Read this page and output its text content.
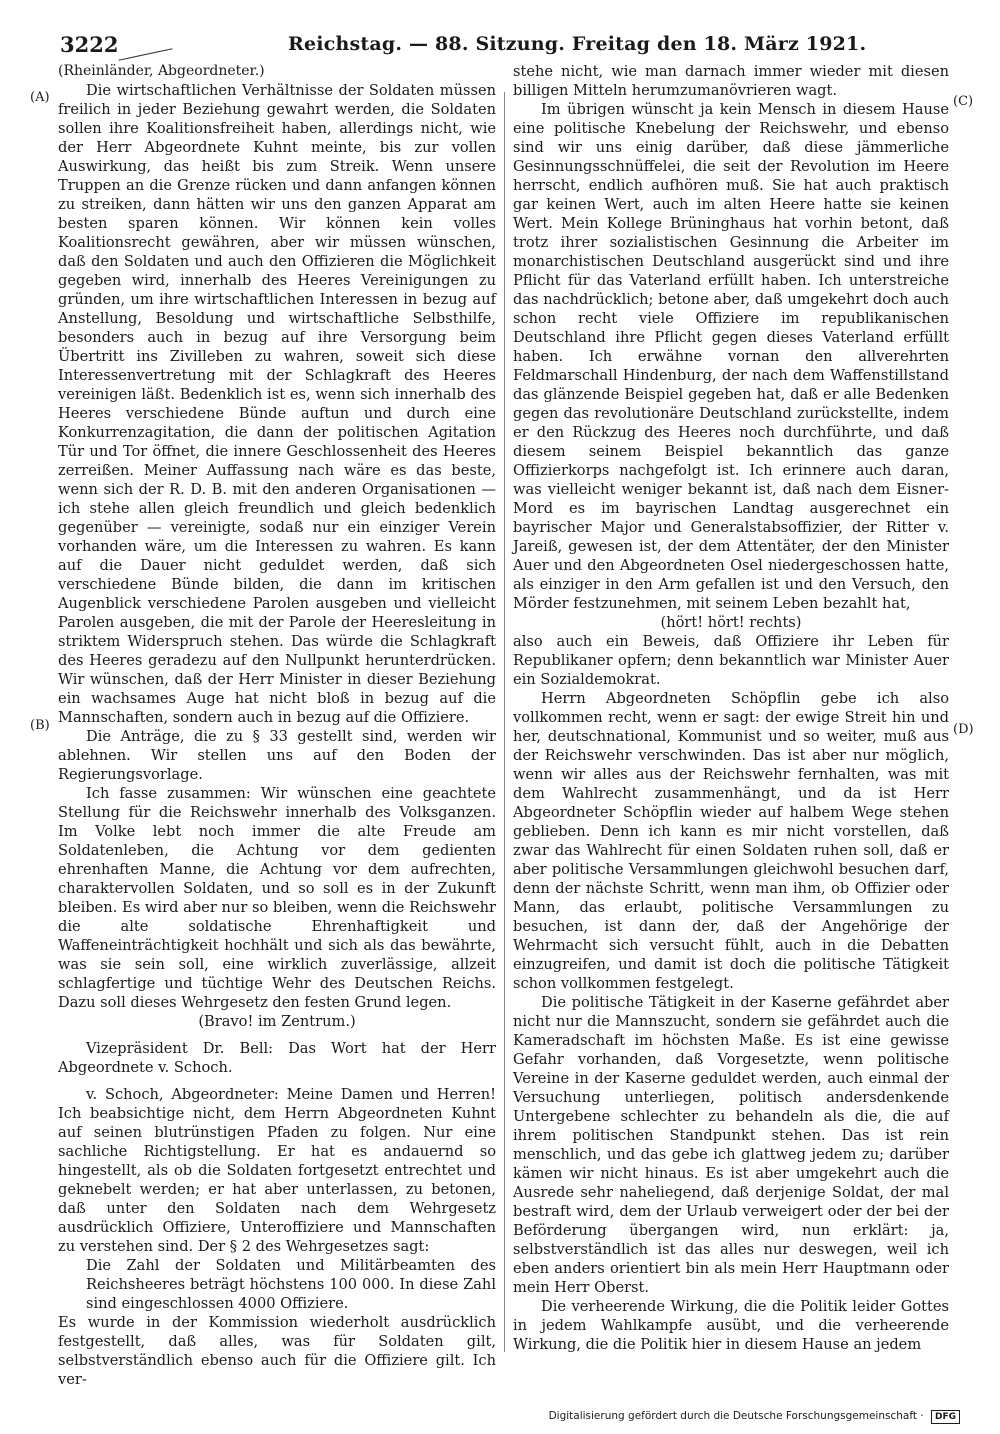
3222	Reichstag. — 88. Sitzung. Freitag den 18. März 1921.
(A)
(B)
(C)
(D)

(Rheinländer, Abgeordneter.)

Die wirtschaftlichen Verhältnisse der Soldaten müssen freilich in jeder Beziehung gewahrt werden, die Soldaten sollen ihre Koalitionsfreiheit haben, allerdings nicht, wie der Herr Abgeordnete Kuhnt meinte, bis zur vollen Auswirkung, das heißt bis zum Streik. Wenn unsere Truppen an die Grenze rücken und dann anfangen können zu streiken, dann hätten wir uns den ganzen Apparat am besten sparen können. Wir können kein volles Koalitionsrecht gewähren, aber wir müssen wünschen, daß den Soldaten und auch den Offizieren die Möglichkeit gegeben wird, innerhalb des Heeres Vereinigungen zu gründen, um ihre wirtschaftlichen Interessen in bezug auf Anstellung, Besoldung und wirtschaftliche Selbsthilfe, besonders auch in bezug auf ihre Versorgung beim Übertritt ins Zivilleben zu wahren, soweit sich diese Interessenvertretung mit der Schlagkraft des Heeres vereinigen läßt. Bedenklich ist es, wenn sich innerhalb des Heeres verschiedene Bünde auftun und durch eine Konkurrenzagitation, die dann der politischen Agitation Tür und Tor öffnet, die innere Geschlossenheit des Heeres zerreißen. Meiner Auffassung nach wäre es das beste, wenn sich der R. D. B. mit den anderen Organisationen — ich stehe allen gleich freundlich und gleich bedenklich gegenüber — vereinigte, sodaß nur ein einziger Verein vorhanden wäre, um die Interessen zu wahren. Es kann auf die Dauer nicht geduldet werden, daß sich verschiedene Bünde bilden, die dann im kritischen Augenblick verschiedene Parolen ausgeben und vielleicht Parolen ausgeben, die mit der Parole der Heeresleitung in striktem Widerspruch stehen. Das würde die Schlagkraft des Heeres geradezu auf den Nullpunkt herunterdrücken. Wir wünschen, daß der Herr Minister in dieser Beziehung ein wachsames Auge hat nicht bloß in bezug auf die Mannschaften, sondern auch in bezug auf die Offiziere.

Die Anträge, die zu § 33 gestellt sind, werden wir ablehnen. Wir stellen uns auf den Boden der Regierungsvorlage.

Ich fasse zusammen: Wir wünschen eine geachtete Stellung für die Reichswehr innerhalb des Volksganzen. Im Volke lebt noch immer die alte Freude am Soldatenleben, die Achtung vor dem gedienten ehrenhaften Manne, die Achtung vor dem aufrechten, charaktervollen Soldaten, und so soll es in der Zukunft bleiben. Es wird aber nur so bleiben, wenn die Reichswehr die alte soldatische Ehrenhaftigkeit und Waffeneinträchtigkeit hochhält und sich als das bewährte, was sie sein soll, eine wirklich zuverlässige, allzeit schlagfertige und tüchtige Wehr des Deutschen Reichs. Dazu soll dieses Wehrgesetz den festen Grund legen.

(Bravo! im Zentrum.)

Vizepräsident Dr. Bell: Das Wort hat der Herr Abgeordnete v. Schoch.

v. Schoch, Abgeordneter: Meine Damen und Herren! Ich beabsichtige nicht, dem Herrn Abgeordneten Kuhnt auf seinen blutrünstigen Pfaden zu folgen. Nur eine sachliche Richtigstellung. Er hat es andauernd so hingestellt, als ob die Soldaten fortgesetzt entrechtet und geknebelt werden; er hat aber unterlassen, zu betonen, daß unter den Soldaten nach dem Wehrgesetz ausdrücklich Offiziere, Unteroffiziere und Mannschaften zu verstehen sind. Der § 2 des Wehrgesetzes sagt:

Die Zahl der Soldaten und Militärbeamten des Reichsheeres beträgt höchstens 100 000. In diese Zahl sind eingeschlossen 4000 Offiziere.

Es wurde in der Kommission wiederholt ausdrücklich festgestellt, daß alles, was für Soldaten gilt, selbstverständlich ebenso auch für die Offiziere gilt. Ich ver-

stehe nicht, wie man darnach immer wieder mit diesen billigen Mitteln herumzumanövrieren wagt.

Im übrigen wünscht ja kein Mensch in diesem Hause eine politische Knebelung der Reichswehr, und ebenso sind wir uns einig darüber, daß diese jämmerliche Gesinnungsschnüffelei, die seit der Revolution im Heere herrscht, endlich aufhören muß. Sie hat auch praktisch gar keinen Wert, auch im alten Heere hatte sie keinen Wert. Mein Kollege Brüninghaus hat vorhin betont, daß trotz ihrer sozialistischen Gesinnung die Arbeiter im monarchistischen Deutschland ausgerückt sind und ihre Pflicht für das Vaterland erfüllt haben. Ich unterstreiche das nachdrücklich; betone aber, daß umgekehrt doch auch schon recht viele Offiziere im republikanischen Deutschland ihre Pflicht gegen dieses Vaterland erfüllt haben. Ich erwähne vornan den allverehrten Feldmarschall Hindenburg, der nach dem Waffenstillstand das glänzende Beispiel gegeben hat, daß er alle Bedenken gegen das revolutionäre Deutschland zurückstellte, indem er den Rückzug des Heeres noch durchführte, und daß diesem seinem Beispiel bekanntlich das ganze Offizierkorps nachgefolgt ist. Ich erinnere auch daran, was vielleicht weniger bekannt ist, daß nach dem Eisner-Mord es im bayrischen Landtag ausgerechnet ein bayrischer Major und Generalstabsoffizier, der Ritter v. Jareiß, gewesen ist, der dem Attentäter, der den Minister Auer und den Abgeordneten Osel niedergeschossen hatte, als einziger in den Arm gefallen ist und den Versuch, den Mörder festzunehmen, mit seinem Leben bezahlt hat,

(hört! hört! rechts)

also auch ein Beweis, daß Offiziere ihr Leben für Republikaner opfern; denn bekanntlich war Minister Auer ein Sozialdemokrat.

Herrn Abgeordneten Schöpflin gebe ich also vollkommen recht, wenn er sagt: der ewige Streit hin und her, deutschnational, Kommunist und so weiter, muß aus der Reichswehr verschwinden. Das ist aber nur möglich, wenn wir alles aus der Reichswehr fernhalten, was mit dem Wahlrecht zusammenhängt, und da ist Herr Abgeordneter Schöpflin wieder auf halbem Wege stehen geblieben. Denn ich kann es mir nicht vorstellen, daß zwar das Wahlrecht für einen Soldaten ruhen soll, daß er aber politische Versammlungen gleichwohl besuchen darf, denn der nächste Schritt, wenn man ihm, ob Offizier oder Mann, das erlaubt, politische Versammlungen zu besuchen, ist dann der, daß der Angehörige der Wehrmacht sich versucht fühlt, auch in die Debatten einzugreifen, und damit ist doch die politische Tätigkeit schon vollkommen festgelegt.

Die politische Tätigkeit in der Kaserne gefährdet aber nicht nur die Mannszucht, sondern sie gefährdet auch die Kameradschaft im höchsten Maße. Es ist eine gewisse Gefahr vorhanden, daß Vorgesetzte, wenn politische Vereine in der Kaserne geduldet werden, auch einmal der Versuchung unterliegen, politisch andersdenkende Untergebene schlechter zu behandeln als die, die auf ihrem politischen Standpunkt stehen. Das ist rein menschlich, und das gebe ich glattweg jedem zu; darüber kämen wir nicht hinaus. Es ist aber umgekehrt auch die Ausrede sehr naheliegend, daß derjenige Soldat, der mal bestraft wird, dem der Urlaub verweigert oder der bei der Beförderung übergangen wird, nun erklärt: ja, selbstverständlich ist das alles nur deswegen, weil ich eben anders orientiert bin als mein Herr Hauptmann oder mein Herr Oberst.

Die verheerende Wirkung, die die Politik leider Gottes in jedem Wahlkampfe ausübt, und die verheerende Wirkung, die die Politik hier in diesem Hause an jedem

Digitalisierung gefördert durch die Deutsche Forschungsgemeinschaft · DFG
